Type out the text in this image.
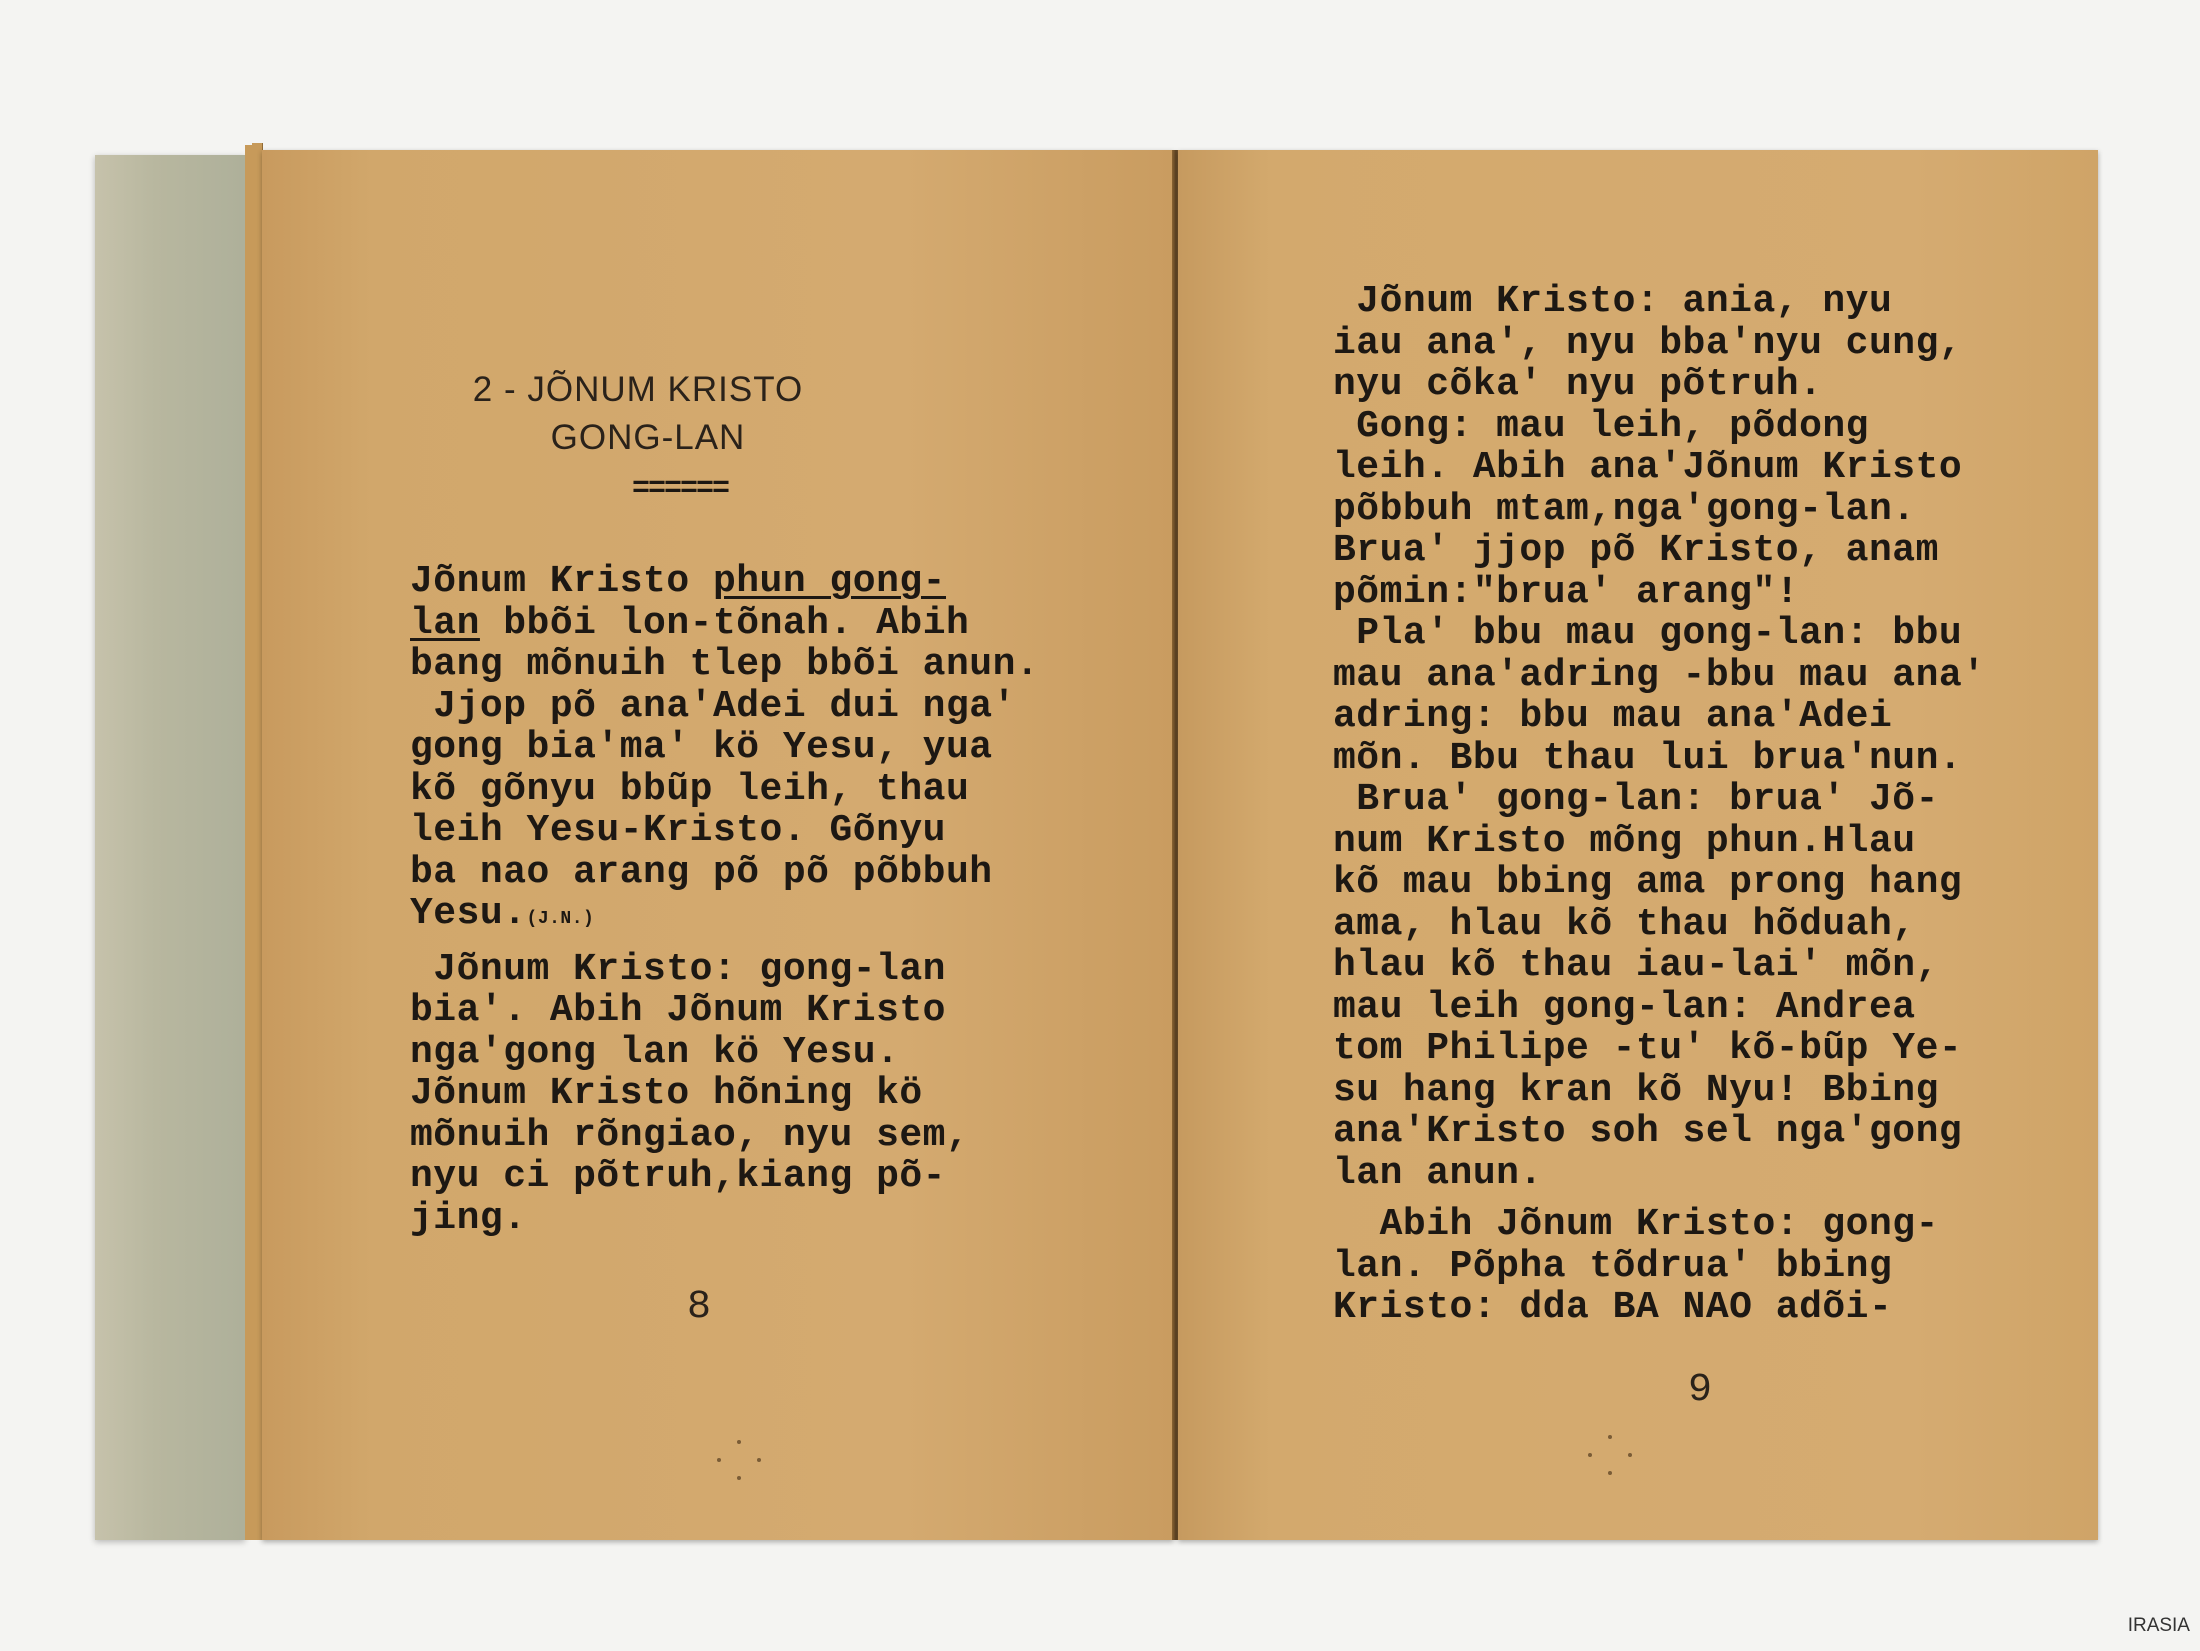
2 - JÕNUM KRISTO
GONG-LAN
======
Jõnum Kristo phun gong-
lan bbõi lon-tõnah. Abih
bang mõnuih tlep bbõi anun.
Jjop põ ana'Adei dui nga'
gong bia'ma' kö Yesu, yua
kõ gõnyu bbũp leih, thau
leih Yesu-Kristo. Gõnyu
ba nao arang põ põ põbbuh
Yesu.(J.N.)
Jõnum Kristo: gong-lan
bia'. Abih Jõnum Kristo
nga'gong lan kö Yesu.
Jõnum Kristo hõning kö
mõnuih rõngiao, nyu sem,
nyu ci põtruh,kiang põ-
jing.
8
Jõnum Kristo: ania, nyu
iau ana', nyu bba'nyu cung,
nyu cõka' nyu põtruh.
Gong: mau leih, põdong
leih. Abih ana'Jõnum Kristo
põbbuh mtam,nga'gong-lan.
Brua' jjop põ Kristo, anam
põmin:"brua' arang"!
Pla' bbu mau gong-lan: bbu
mau ana'adring -bbu mau ana'
adring: bbu mau ana'Adei
mõn. Bbu thau lui brua'nun.
Brua' gong-lan: brua' Jõ-
num Kristo mõng phun.Hlau
kõ mau bbing ama prong hang
ama, hlau kõ thau hõduah,
hlau kõ thau iau-lai' mõn,
mau leih gong-lan: Andrea
tom Philipe -tu' kõ-bũp Ye-
su hang kran kõ Nyu! Bbing
ana'Kristo soh sel nga'gong
lan anun.
Abih Jõnum Kristo: gong-
lan. Põpha tõdrua' bbing
Kristo: dda BA NAO adõi-
9
IRASIA
